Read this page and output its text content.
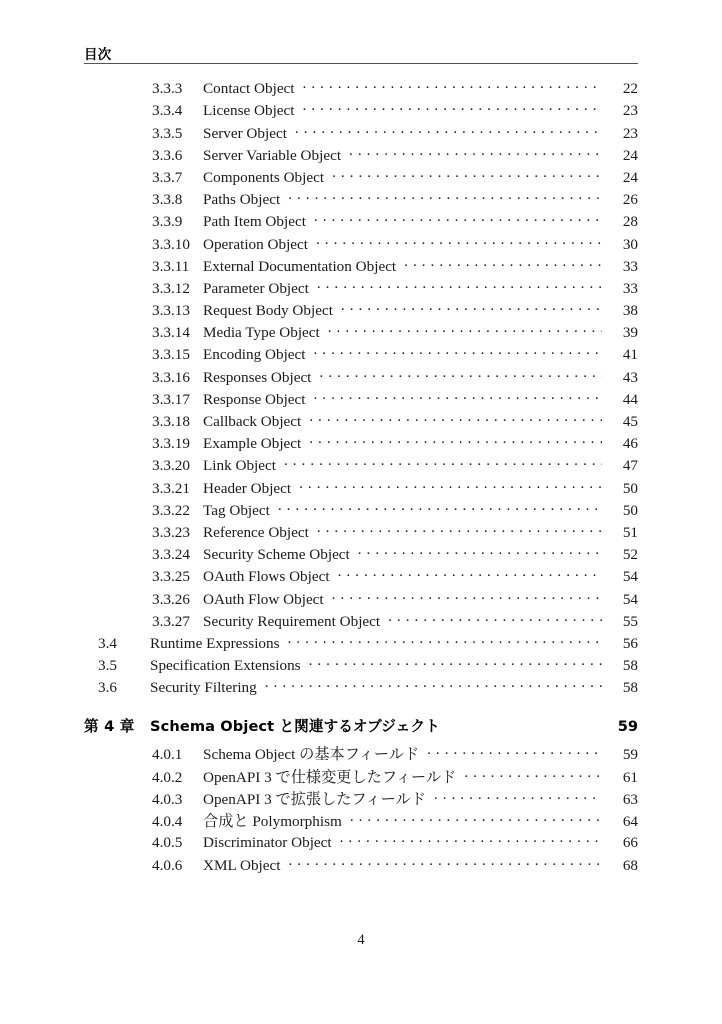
目次
3.3.3	Contact Object . . .	22
3.3.4	License Object . . .	23
3.3.5	Server Object . . .	23
3.3.6	Server Variable Object . . .	24
3.3.7	Components Object . . .	24
3.3.8	Paths Object . . .	26
3.3.9	Path Item Object . . .	28
3.3.10 Operation Object . . .	30
3.3.11 External Documentation Object . . .	33
3.3.12 Parameter Object . . .	33
3.3.13 Request Body Object . . .	38
3.3.14 Media Type Object . . .	39
3.3.15 Encoding Object . . .	41
3.3.16 Responses Object . . .	43
3.3.17 Response Object . . .	44
3.3.18 Callback Object . . .	45
3.3.19 Example Object . . .	46
3.3.20 Link Object . . .	47
3.3.21 Header Object . . .	50
3.3.22 Tag Object . . .	50
3.3.23 Reference Object . . .	51
3.3.24 Security Scheme Object . . .	52
3.3.25 OAuth Flows Object . . .	54
3.3.26 OAuth Flow Object . . .	54
3.3.27 Security Requirement Object . . .	55
3.4	Runtime Expressions . . .	56
3.5	Specification Extensions . . .	58
3.6	Security Filtering . . .	58
第 4 章	Schema Object と関連するオブジェクト	59
4.0.1	Schema Object の基本フィールド . . .	59
4.0.2	OpenAPI 3 で仕様変更したフィールド . . .	61
4.0.3	OpenAPI 3 で拡張したフィールド . . .	63
4.0.4	合成と Polymorphism . . .	64
4.0.5	Discriminator Object . . .	66
4.0.6	XML Object . . .	68
4
